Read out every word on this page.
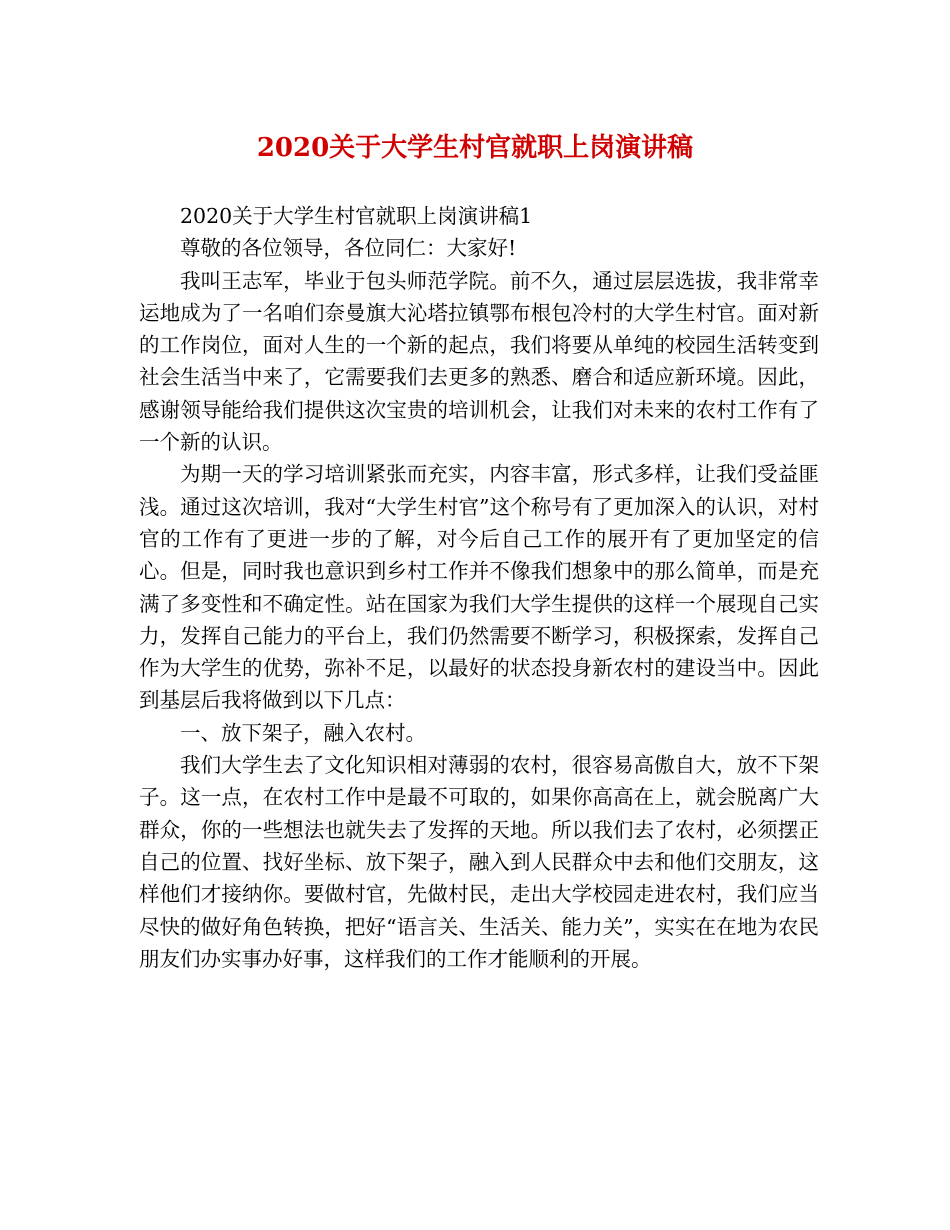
2020关于大学生村官就职上岗演讲稿

2020关于大学生村官就职上岗演讲稿1

尊敬的各位领导，各位同仁：大家好!

我叫王志军，毕业于包头师范学院。前不久，通过层层选拔，我非常幸运地成为了一名咱们奈曼旗大沁塔拉镇鄂布根包冷村的大学生村官。面对新的工作岗位，面对人生的一个新的起点，我们将要从单纯的校园生活转变到社会生活当中来了，它需要我们去更多的熟悉、磨合和适应新环境。因此，感谢领导能给我们提供这次宝贵的培训机会，让我们对未来的农村工作有了一个新的认识。

为期一天的学习培训紧张而充实，内容丰富，形式多样，让我们受益匪浅。通过这次培训，我对“大学生村官”这个称号有了更加深入的认识，对村官的工作有了更进一步的了解，对今后自己工作的展开有了更加坚定的信心。但是，同时我也意识到乡村工作并不像我们想象中的那么简单，而是充满了多变性和不确定性。站在国家为我们大学生提供的这样一个展现自己实力，发挥自己能力的平台上，我们仍然需要不断学习，积极探索，发挥自己作为大学生的优势，弥补不足，以最好的状态投身新农村的建设当中。因此到基层后我将做到以下几点：

一、放下架子，融入农村。

我们大学生去了文化知识相对薄弱的农村，很容易高傲自大，放不下架子。这一点，在农村工作中是最不可取的，如果你高高在上，就会脱离广大群众，你的一些想法也就失去了发挥的天地。所以我们去了农村，必须摆正自己的位置、找好坐标、放下架子，融入到人民群众中去和他们交朋友，这样他们才接纳你。要做村官，先做村民，走出大学校园走进农村，我们应当尽快的做好角色转换，把好“语言关、生活关、能力关”，实实在在地为农民朋友们办实事办好事，这样我们的工作才能顺利的开展。
